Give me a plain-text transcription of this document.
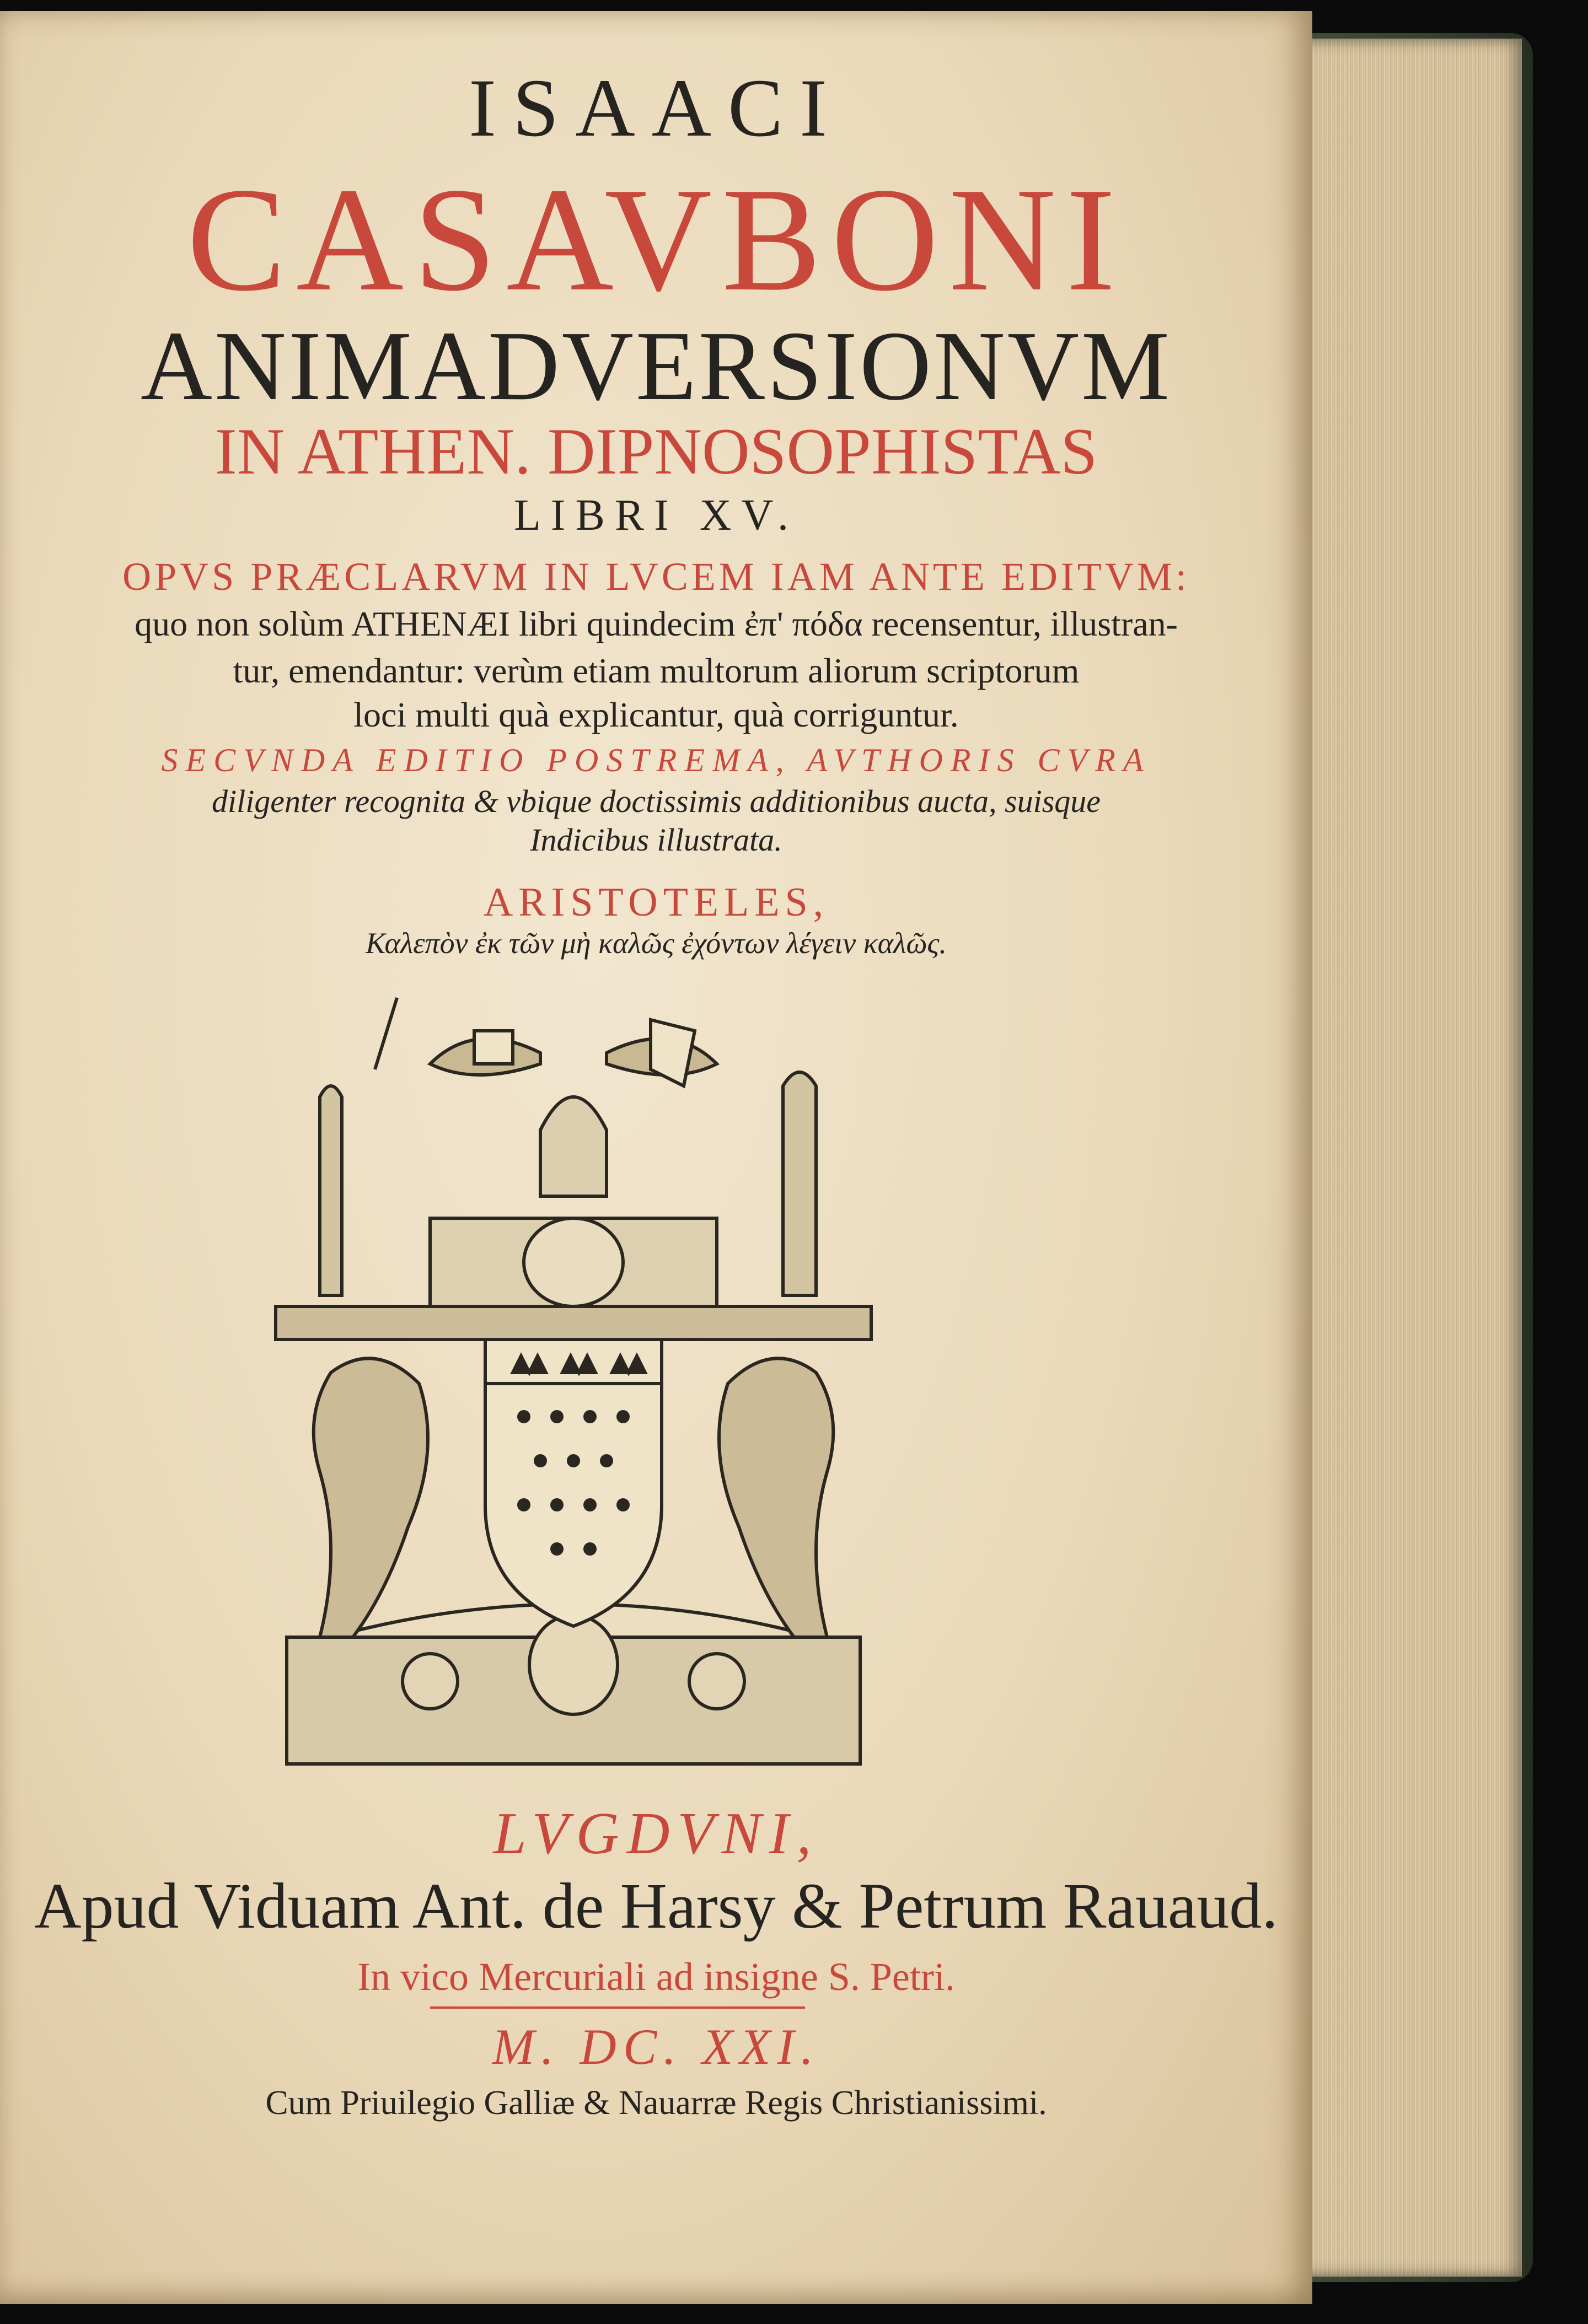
ISAACI
CASAVBONI
ANIMADVERSIONVM
IN ATHEN. DIPNOSOPHISTAS
LIBRI XV.
OPVS PRÆCLARVM IN LVCEM IAM ANTE EDITVM:
quo non solùm ATHENÆI libri quindecim ἐπ' πόδα recensentur, illustran-
tur, emendantur: verùm etiam multorum aliorum scriptorum
loci multi quà explicantur, quà corriguntur.
SECVNDA EDITIO POSTREMA, AVTHORIS CVRA
diligenter recognita & vbique doctissimis additionibus aucta, suisque
Indicibus illustrata.
ARISTOTELES,
Καλεπὸν ἐκ τῶν μὴ καλῶς ἐχόντων λέγειν καλῶς.
LVGDVNI,
Apud Viduam Ant. de Harsy & Petrum Rauaud.
In vico Mercuriali ad insigne S. Petri.
M. DC. XXI.
Cum Priuilegio Galliæ & Nauarræ Regis Christianissimi.
